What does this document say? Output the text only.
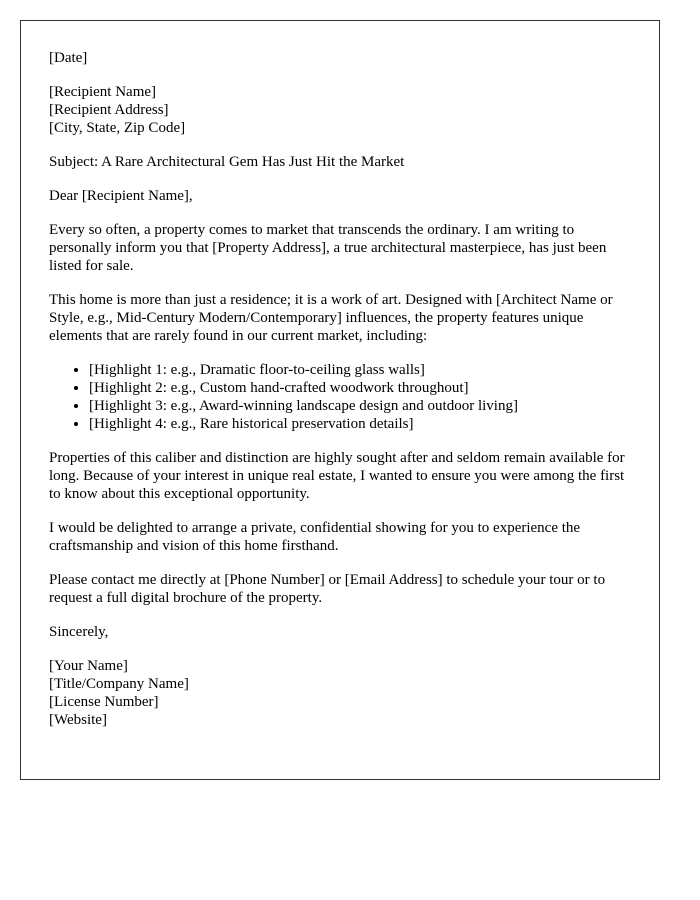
[Date]

[Recipient Name]
[Recipient Address]
[City, State, Zip Code]

Subject: A Rare Architectural Gem Has Just Hit the Market

Dear [Recipient Name],

Every so often, a property comes to market that transcends the ordinary. I am writing to personally inform you that [Property Address], a true architectural masterpiece, has just been listed for sale.

This home is more than just a residence; it is a work of art. Designed with [Architect Name or Style, e.g., Mid-Century Modern/Contemporary] influences, the property features unique elements that are rarely found in our current market, including:

• [Highlight 1: e.g., Dramatic floor-to-ceiling glass walls]
• [Highlight 2: e.g., Custom hand-crafted woodwork throughout]
• [Highlight 3: e.g., Award-winning landscape design and outdoor living]
• [Highlight 4: e.g., Rare historical preservation details]

Properties of this caliber and distinction are highly sought after and seldom remain available for long. Because of your interest in unique real estate, I wanted to ensure you were among the first to know about this exceptional opportunity.

I would be delighted to arrange a private, confidential showing for you to experience the craftsmanship and vision of this home firsthand.

Please contact me directly at [Phone Number] or [Email Address] to schedule your tour or to request a full digital brochure of the property.

Sincerely,

[Your Name]
[Title/Company Name]
[License Number]
[Website]
